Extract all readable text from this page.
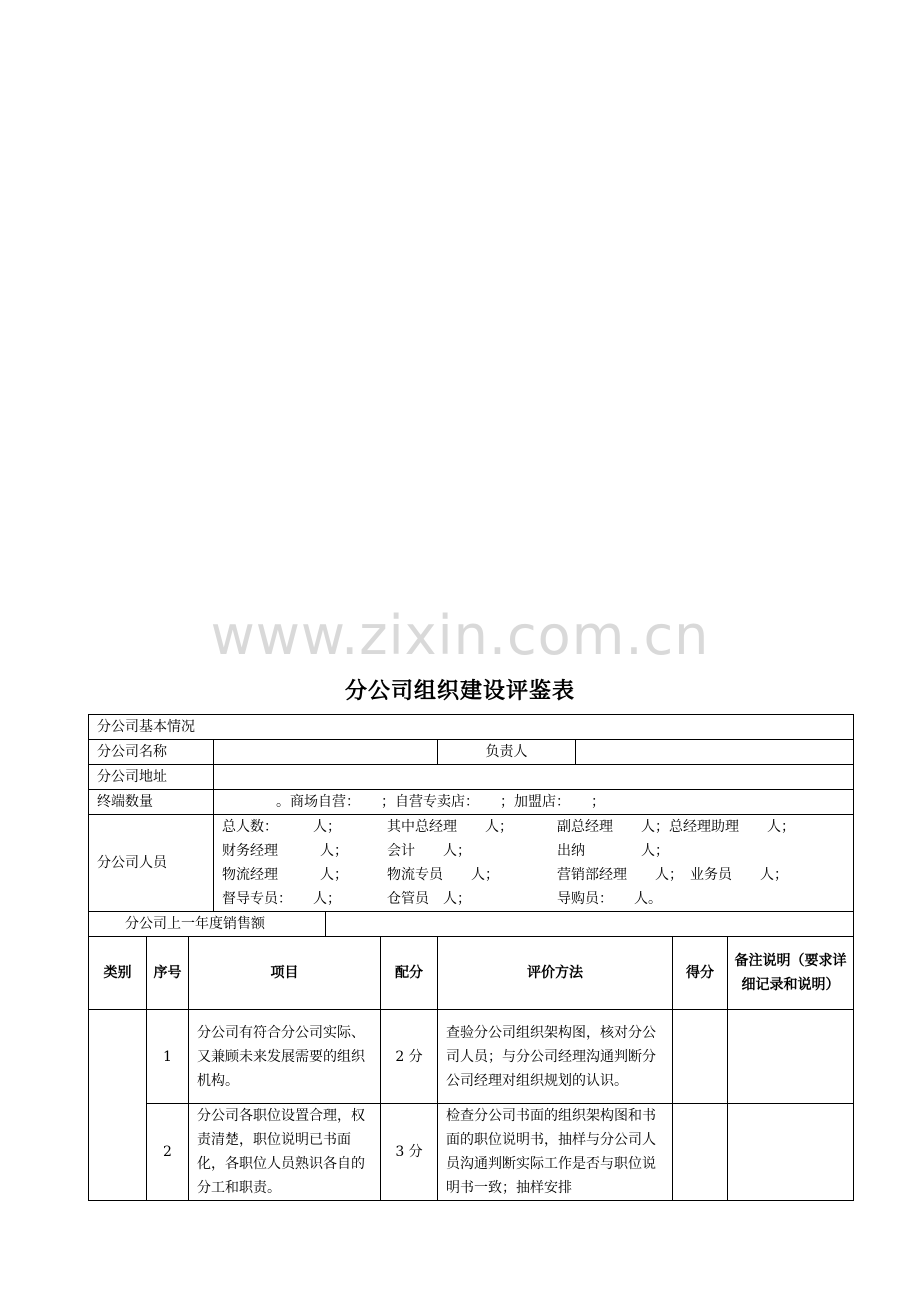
www.zixin.com.cn
分公司组织建设评鉴表
分公司基本情况			
分公司名称		负责人	
分公司地址			
终端数量	。商场自营：　　；自营专卖店：　　；加盟店：　　；		
分公司人员	总人数：　　　人； 其中总经理　　人； 副总经理　　人；总经理助理　　人；
财务经理　　　人； 会计　　人； 出纳　　　　人；
物流经理　　　人； 物流专员　　人； 营销部经理　　人；　业务员　　人；
督导专员：　　人； 仓管员　人； 导购员：　　人。		
分公司上一年度销售额	
类别	序号	项目	配分	评价方法	得分	备注说明（要求详细记录和说明）
	1	分公司有符合分公司实际、又兼顾未来发展需要的组织机构。	2 分	查验分公司组织架构图，核对分公司人员；与分公司经理沟通判断分公司经理对组织规划的认识。		
	2	分公司各职位设置合理，权责清楚，职位说明已书面化，各职位人员熟识各自的分工和职责。	3 分	检查分公司书面的组织架构图和书面的职位说明书，抽样与分公司人员沟通判断实际工作是否与职位说明书一致；抽样安排		
